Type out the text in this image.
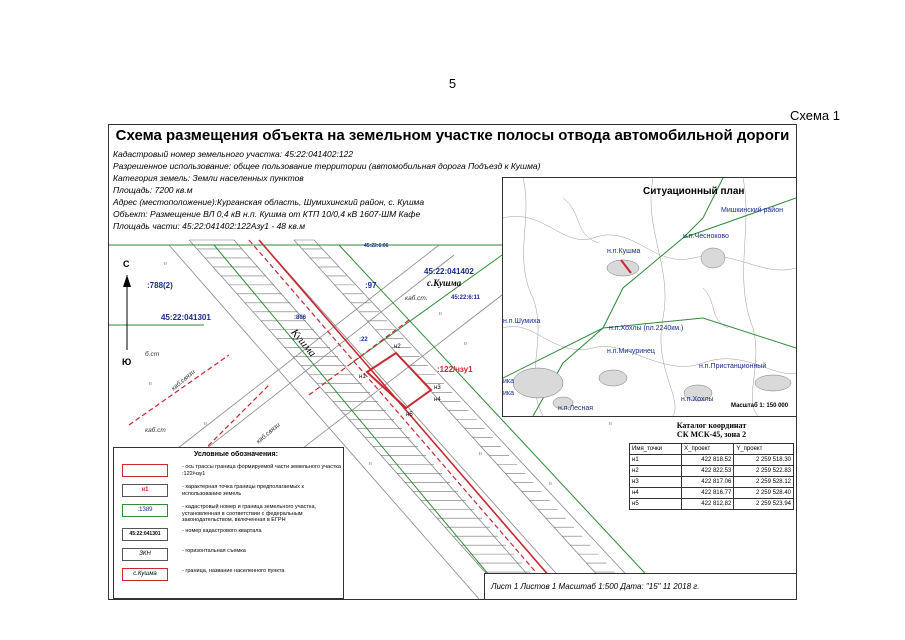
5
Схема 1
ıı
ıı
ıı
ıı
ıı
ıı
ıı
ıı
ıı
Схема размещения объекта на земельном участке полосы отвода автомобильной дороги
Кадастровый номер земельного участка: 45:22:041402:122
Разрешенное использование: общее пользование территории (автомобильная дорога Подъезд к Кушма)
Категория земель: Земли населенных пунктов
Площадь: 7200 кв.м
Адрес (местоположение):Курганская область, Шумихинский район, с. Кушма
Объект: Размещение ВЛ 0,4 кВ н.п. Кушма от КТП 10/0,4 кВ 1607-ШМ Кафе
Площадь части: 45:22:041402:122Азу1 - 48 кв.м
С
Ю
:788(2)	:97
45:22:041402
с.Кушма
45:22:041301	:806
:22
45:22:6:11
45:22:6:06
:122/чзу1
Кушма
каб.ст.
каб.связи
каб.связи
б.ст
каб.ст
н1
н2
н3
н4
н5
Ситуационный план
Мишкинский район
н.п.Чесноково
н.п.Кушма
н.п.Шумиха
н.п.Хохлы (пл.2240км.)
н.п.Мичуринец
н.п.Пристанционный
н.п.Хохлы
н.п.Лесная
ика
ика
Масштаб 1: 150 000
Условные обозначения:
- ось трассы граница формируемой части земельного участка :122/чзу1
н1	- характерная точка границы предполагаемых к использованию земель
:1389	- кадастровый номер и граница земельного участка, установленная в соответствии с федеральным законодательством, включенная в ЕГРН
45:22:041301	- номер кадастрового квартала
ЗКН	- горизонтальная съемка
с.Кушма	- граница, название населенного пункта
Каталог координат
СК МСК-45, зона 2
Имя_точки	X_проект	Y_проект
н1	422 818.52	2 259 518.30
н2	422 822.53	2 259 522.83
н3	422 817.06	2 259 528.12
н4	422 816.77	2 259 528.40
н5	422 812.82	2 259 523.94
Лист 1 Листов 1 Масштаб 1:500 Дата: "15" 11 2018 г.
